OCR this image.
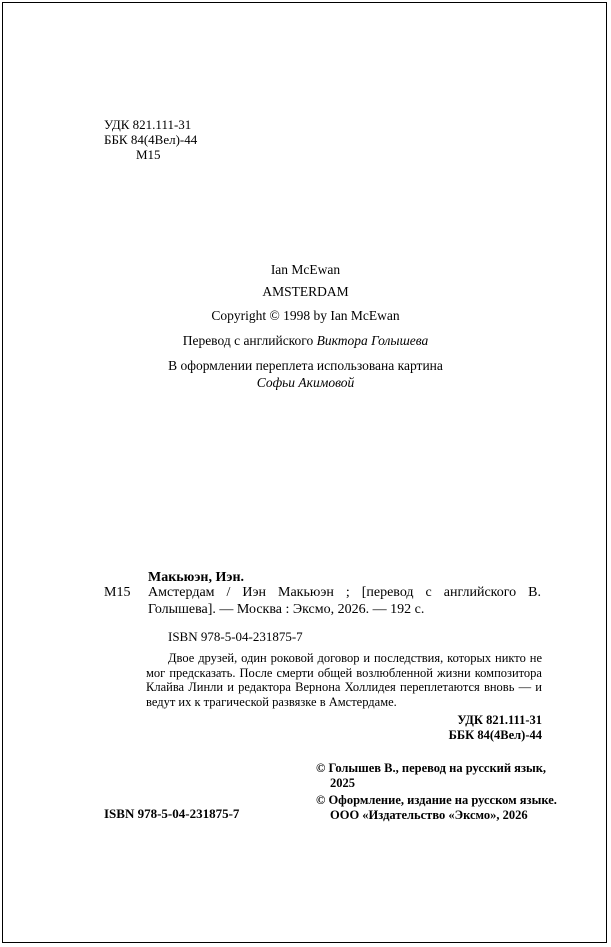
УДК 821.111-31
ББК 84(4Вел)-44
М15
Ian McEwan
AMSTERDAM
Copyright © 1998 by Ian McEwan
Перевод с английского Виктора Голышева
В оформлении переплета использована картина
Софьи Акимовой
Макьюэн, Иэн.
М15 Амстердам / Иэн Макьюэн ; [перевод с английского В. Голышева]. — Москва : Эксмо, 2026. — 192 с.
ISBN 978-5-04-231875-7
Двое друзей, один роковой договор и последствия, которых никто не мог предсказать. После смерти общей возлюбленной жизни композитора Клайва Линли и редактора Вернона Холлидея переплетаются вновь — и ведут их к трагической развязке в Амстердаме.
УДК 821.111-31
ББК 84(4Вел)-44
© Голышев В., перевод на русский язык,
2025
© Оформление, издание на русском языке.
ООО «Издательство «Эксмо», 2026
ISBN 978-5-04-231875-7
